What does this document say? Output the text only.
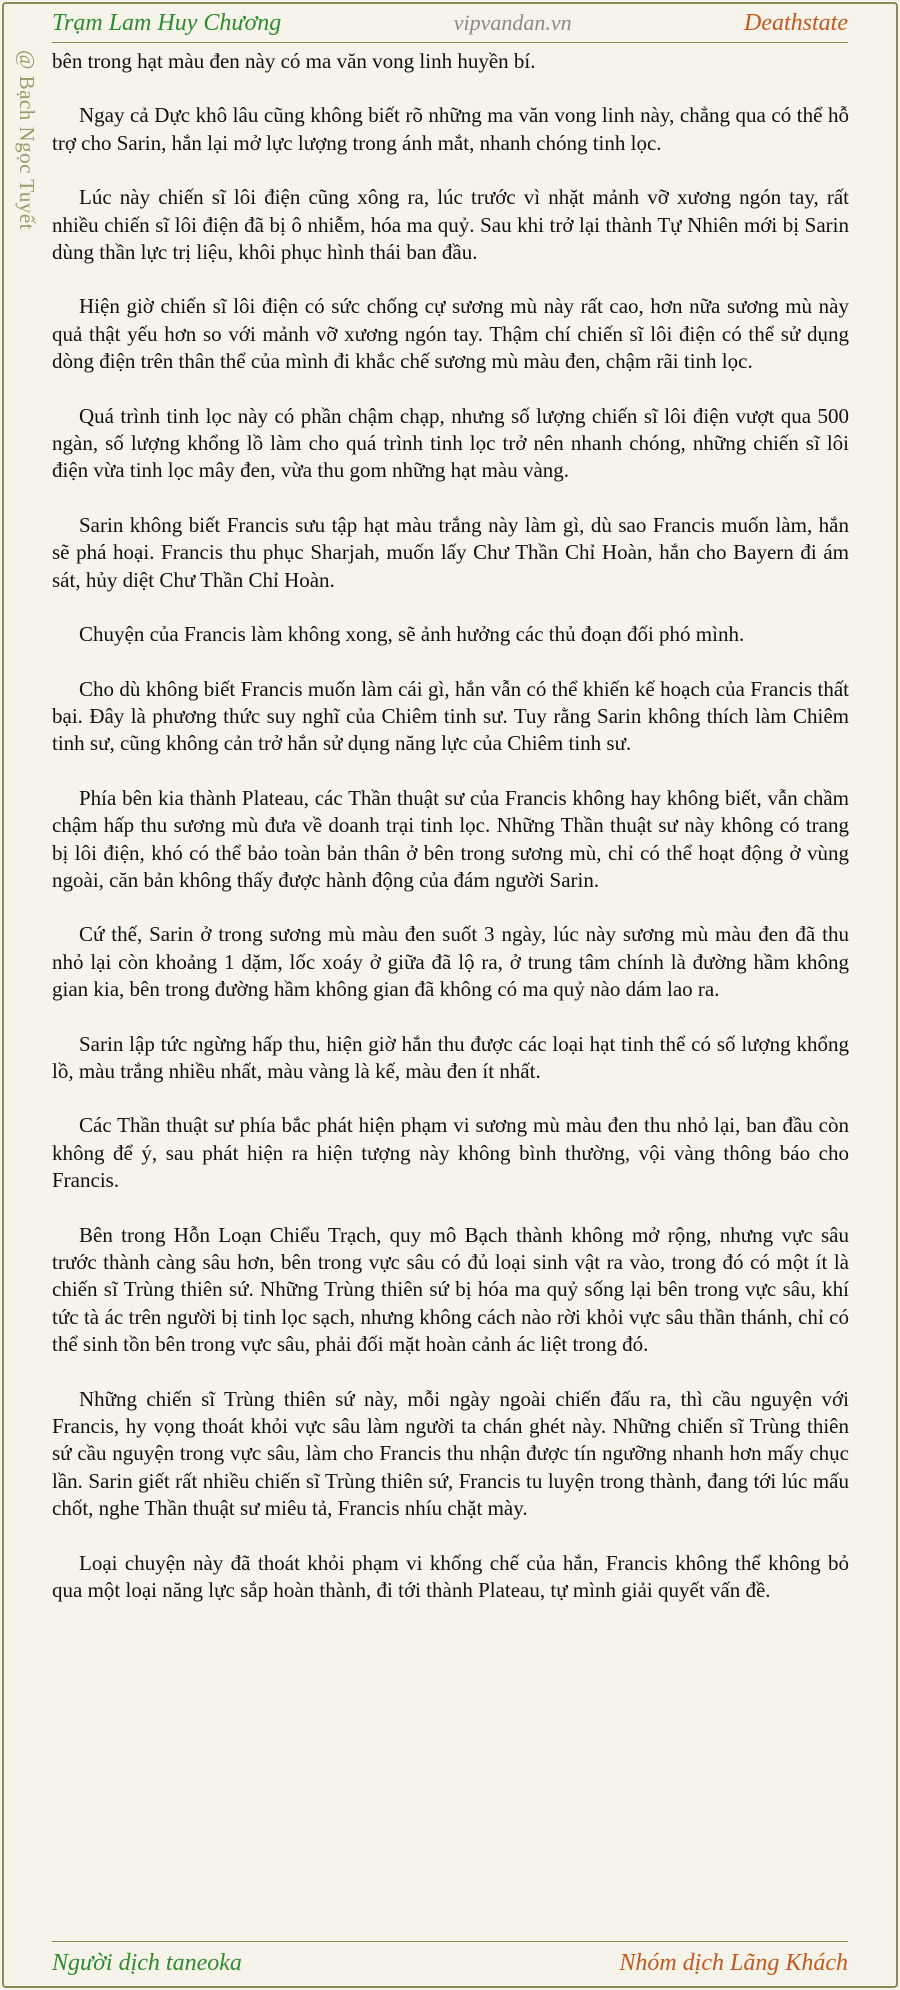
Trạm Lam Huy Chương	vipvandan.vn	Deathstate
@ Bạch Ngọc Tuyết bên trong hạt màu đen này có ma văn vong linh huyền bí.

Ngay cả Dực khô lâu cũng không biết rõ những ma văn vong linh này, chẳng qua có thể hỗ trợ cho Sarin, hắn lại mở lực lượng trong ánh mắt, nhanh chóng tinh lọc.

Lúc này chiến sĩ lôi điện cũng xông ra, lúc trước vì nhặt mảnh vỡ xương ngón tay, rất nhiều chiến sĩ lôi điện đã bị ô nhiễm, hóa ma quỷ. Sau khi trở lại thành Tự Nhiên mới bị Sarin dùng thần lực trị liệu, khôi phục hình thái ban đầu.

Hiện giờ chiến sĩ lôi điện có sức chống cự sương mù này rất cao, hơn nữa sương mù này quả thật yếu hơn so với mảnh vỡ xương ngón tay. Thậm chí chiến sĩ lôi điện có thể sử dụng dòng điện trên thân thể của mình đi khắc chế sương mù màu đen, chậm rãi tinh lọc.

Quá trình tinh lọc này có phần chậm chạp, nhưng số lượng chiến sĩ lôi điện vượt qua 500 ngàn, số lượng khổng lồ làm cho quá trình tinh lọc trở nên nhanh chóng, những chiến sĩ lôi điện vừa tinh lọc mây đen, vừa thu gom những hạt màu vàng.

Sarin không biết Francis sưu tập hạt màu trắng này làm gì, dù sao Francis muốn làm, hắn sẽ phá hoại. Francis thu phục Sharjah, muốn lấy Chư Thần Chỉ Hoàn, hắn cho Bayern đi ám sát, hủy diệt Chư Thần Chỉ Hoàn.

Chuyện của Francis làm không xong, sẽ ảnh hưởng các thủ đoạn đối phó mình.

Cho dù không biết Francis muốn làm cái gì, hắn vẫn có thể khiến kế hoạch của Francis thất bại. Đây là phương thức suy nghĩ của Chiêm tinh sư. Tuy rằng Sarin không thích làm Chiêm tinh sư, cũng không cản trở hắn sử dụng năng lực của Chiêm tinh sư.

Phía bên kia thành Plateau, các Thần thuật sư của Francis không hay không biết, vẫn chầm chậm hấp thu sương mù đưa về doanh trại tinh lọc. Những Thần thuật sư này không có trang bị lôi điện, khó có thể bảo toàn bản thân ở bên trong sương mù, chỉ có thể hoạt động ở vùng ngoài, căn bản không thấy được hành động của đám người Sarin.

Cứ thế, Sarin ở trong sương mù màu đen suốt 3 ngày, lúc này sương mù màu đen đã thu nhỏ lại còn khoảng 1 dặm, lốc xoáy ở giữa đã lộ ra, ở trung tâm chính là đường hầm không gian kia, bên trong đường hầm không gian đã không có ma quỷ nào dám lao ra.

Sarin lập tức ngừng hấp thu, hiện giờ hắn thu được các loại hạt tinh thể có số lượng khổng lồ, màu trắng nhiều nhất, màu vàng là kế, màu đen ít nhất.

Các Thần thuật sư phía bắc phát hiện phạm vi sương mù màu đen thu nhỏ lại, ban đầu còn không để ý, sau phát hiện ra hiện tượng này không bình thường, vội vàng thông báo cho Francis.

Bên trong Hỗn Loạn Chiểu Trạch, quy mô Bạch thành không mở rộng, nhưng vực sâu trước thành càng sâu hơn, bên trong vực sâu có đủ loại sinh vật ra vào, trong đó có một ít là chiến sĩ Trùng thiên sứ. Những Trùng thiên sứ bị hóa ma quỷ sống lại bên trong vực sâu, khí tức tà ác trên người bị tinh lọc sạch, nhưng không cách nào rời khỏi vực sâu thần thánh, chỉ có thể sinh tồn bên trong vực sâu, phải đối mặt hoàn cảnh ác liệt trong đó.

Những chiến sĩ Trùng thiên sứ này, mỗi ngày ngoài chiến đấu ra, thì cầu nguyện với Francis, hy vọng thoát khỏi vực sâu làm người ta chán ghét này. Những chiến sĩ Trùng thiên sứ cầu nguyện trong vực sâu, làm cho Francis thu nhận được tín ngưỡng nhanh hơn mấy chục lần. Sarin giết rất nhiều chiến sĩ Trùng thiên sứ, Francis tu luyện trong thành, đang tới lúc mấu chốt, nghe Thần thuật sư miêu tả, Francis nhíu chặt mày.

Loại chuyện này đã thoát khỏi phạm vi khống chế của hắn, Francis không thể không bỏ qua một loại năng lực sắp hoàn thành, đi tới thành Plateau, tự mình giải quyết vấn đề.

Người dịch taneoka	Nhóm dịch Lãng Khách
